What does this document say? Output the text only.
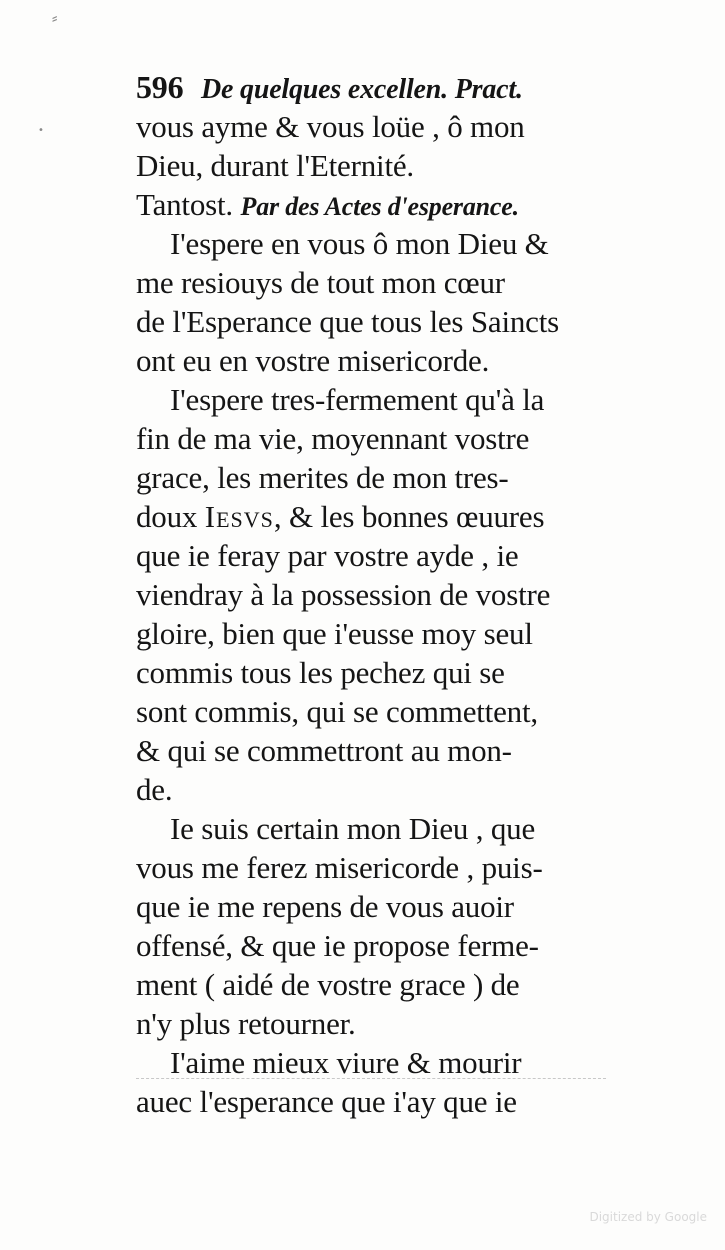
⸗
•
596 De quelques excellen. Pract.
vous ayme & vous loüe , ô mon
Dieu, durant l'Eternité.
Tantost. Par des Actes d'esperance.
I'espere en vous ô mon Dieu &
me resiouys de tout mon cœur
de l'Esperance que tous les Saincts
ont eu en vostre misericorde.
I'espere tres-fermement qu'à la
fin de ma vie, moyennant vostre
grace, les merites de mon tres-
doux Iesvs, & les bonnes œuures
que ie feray par vostre ayde , ie
viendray à la possession de vostre
gloire, bien que i'eusse moy seul
commis tous les pechez qui se
sont commis, qui se commettent,
& qui se commettront au mon-
de.
Ie suis certain mon Dieu , que
vous me ferez misericorde , puis-
que ie me repens de vous auoir
offensé, & que ie propose ferme-
ment ( aidé de vostre grace ) de
n'y plus retourner.
I'aime mieux viure & mourir
auec l'esperance que i'ay que ie
Digitized by Google
